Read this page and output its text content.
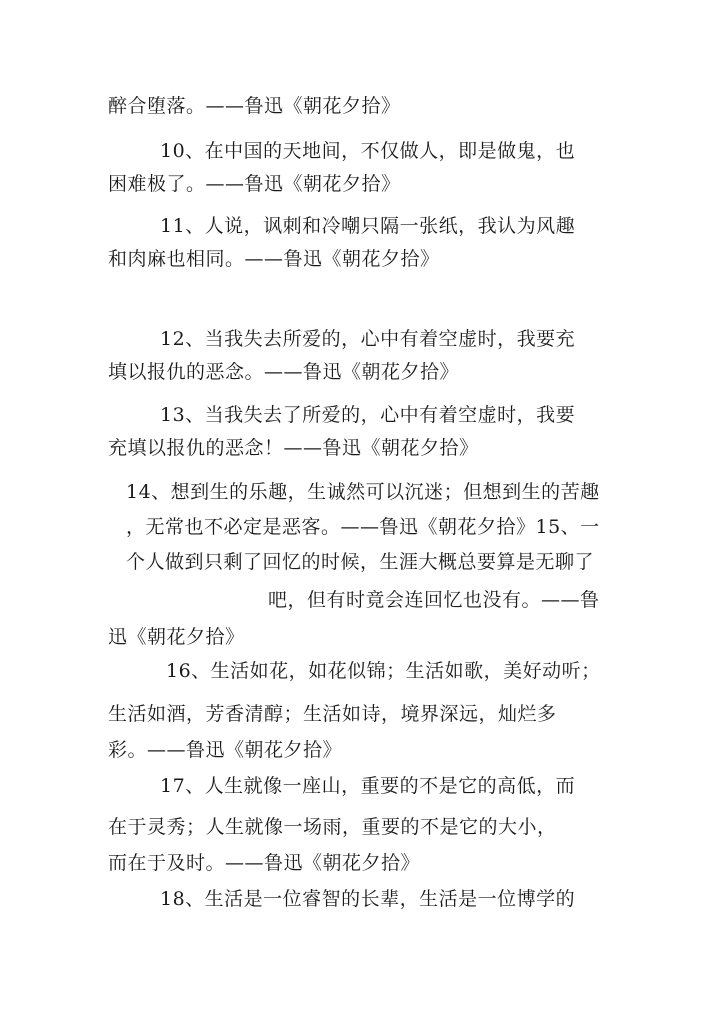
醉合堕落。——鲁迅《朝花夕拾》
10、在中国的天地间，不仅做人，即是做鬼，也
困难极了。——鲁迅《朝花夕拾》
11、人说，讽刺和冷嘲只隔一张纸，我认为风趣
和肉麻也相同。——鲁迅《朝花夕拾》
12、当我失去所爱的，心中有着空虚时，我要充
填以报仇的恶念。——鲁迅《朝花夕拾》
13、当我失去了所爱的，心中有着空虚时，我要
充填以报仇的恶念！——鲁迅《朝花夕拾》
14、想到生的乐趣，生诚然可以沉迷；但想到生的苦趣
，无常也不必定是恶客。——鲁迅《朝花夕拾》15、一
个人做到只剩了回忆的时候，生涯大概总要算是无聊了
吧，但有时竟会连回忆也没有。——鲁
迅《朝花夕拾》
16、生活如花，如花似锦；生活如歌，美好动听；
生活如酒，芳香清醇；生活如诗，境界深远，灿烂多
彩。——鲁迅《朝花夕拾》
17、人生就像一座山，重要的不是它的高低，而
在于灵秀；人生就像一场雨，重要的不是它的大小，
而在于及时。——鲁迅《朝花夕拾》
18、生活是一位睿智的长辈，生活是一位博学的
